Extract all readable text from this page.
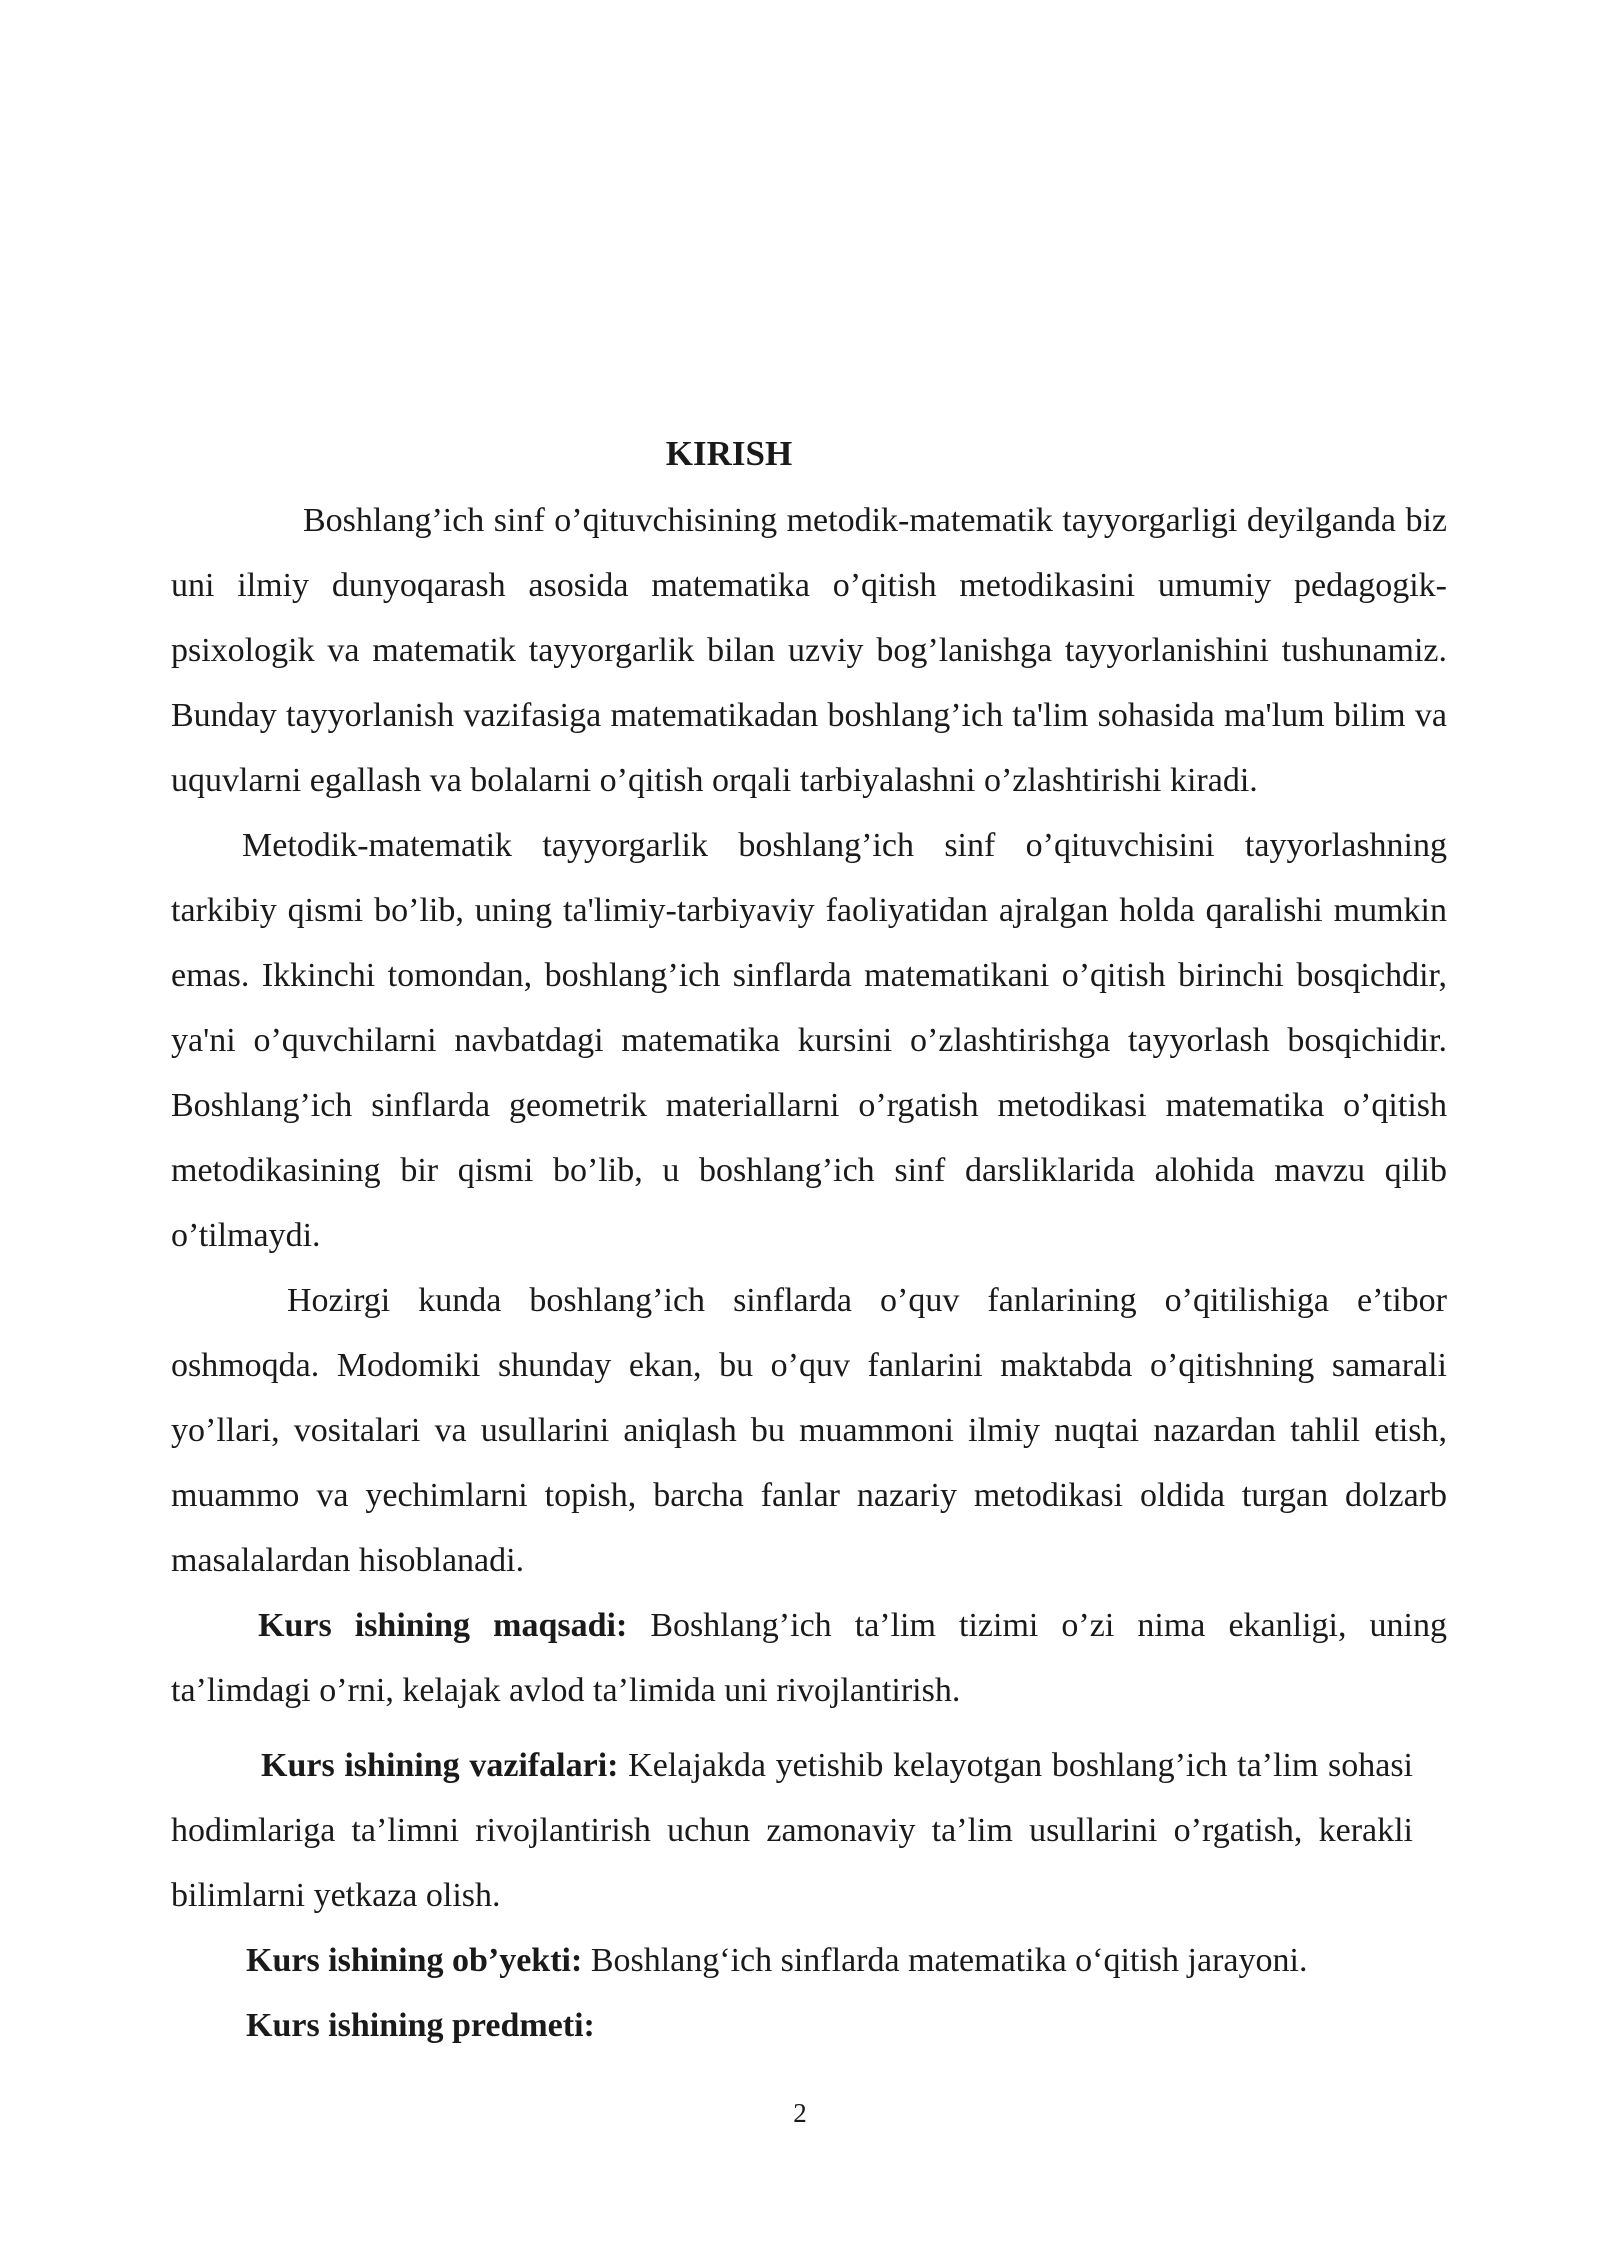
KIRISH

Boshlang’ich sinf o’qituvchisining metodik-matematik tayyorgarligi deyilganda biz uni ilmiy dunyoqarash asosida matematika o’qitish metodikasini umumiy pedagogik-psixologik va matematik tayyorgarlik bilan uzviy bog’lanishga tayyorlanishini tushunamiz. Bunday tayyorlanish vazifasiga matematikadan boshlang’ich ta'lim sohasida ma'lum bilim va uquvlarni egallash va bolalarni o’qitish orqali tarbiyalashni o’zlashtirishi kiradi.

Metodik-matematik tayyorgarlik boshlang’ich sinf o’qituvchisini tayyorlashning tarkibiy qismi bo’lib, uning ta'limiy-tarbiyaviy faoliyatidan ajralgan holda qaralishi mumkin emas. Ikkinchi tomondan, boshlang’ich sinflarda matematikani o’qitish birinchi bosqichdir, ya'ni o’quvchilarni navbatdagi matematika kursini o’zlashtirishga tayyorlash bosqichidir. Boshlang’ich sinflarda geometrik materiallarni o’rgatish metodikasi matematika o’qitish metodikasining bir qismi bo’lib, u boshlang’ich sinf darsliklarida alohida mavzu qilib o’tilmaydi.

Hozirgi kunda boshlang’ich sinflarda o’quv fanlarining o’qitilishiga e’tibor oshmoqda. Modomiki shunday ekan, bu o’quv fanlarini maktabda o’qitishning samarali yo’llari, vositalari va usullarini aniqlash bu muammoni ilmiy nuqtai nazardan tahlil etish, muammo va yechimlarni topish, barcha fanlar nazariy metodikasi oldida turgan dolzarb masalalardan hisoblanadi.

Kurs ishining maqsadi: Boshlang’ich ta’lim tizimi o’zi nima ekanligi, uning ta’limdagi o’rni, kelajak avlod ta’limida uni rivojlantirish.

Kurs ishining vazifalari: Kelajakda yetishib kelayotgan boshlang’ich ta’lim sohasi hodimlariga ta’limni rivojlantirish uchun zamonaviy ta’lim usullarini o’rgatish, kerakli bilimlarni yetkaza olish.

Kurs ishining ob’yekti: Boshlang‘ich sinflarda matematika o‘qitish jarayoni.

Kurs ishining predmeti:

2
